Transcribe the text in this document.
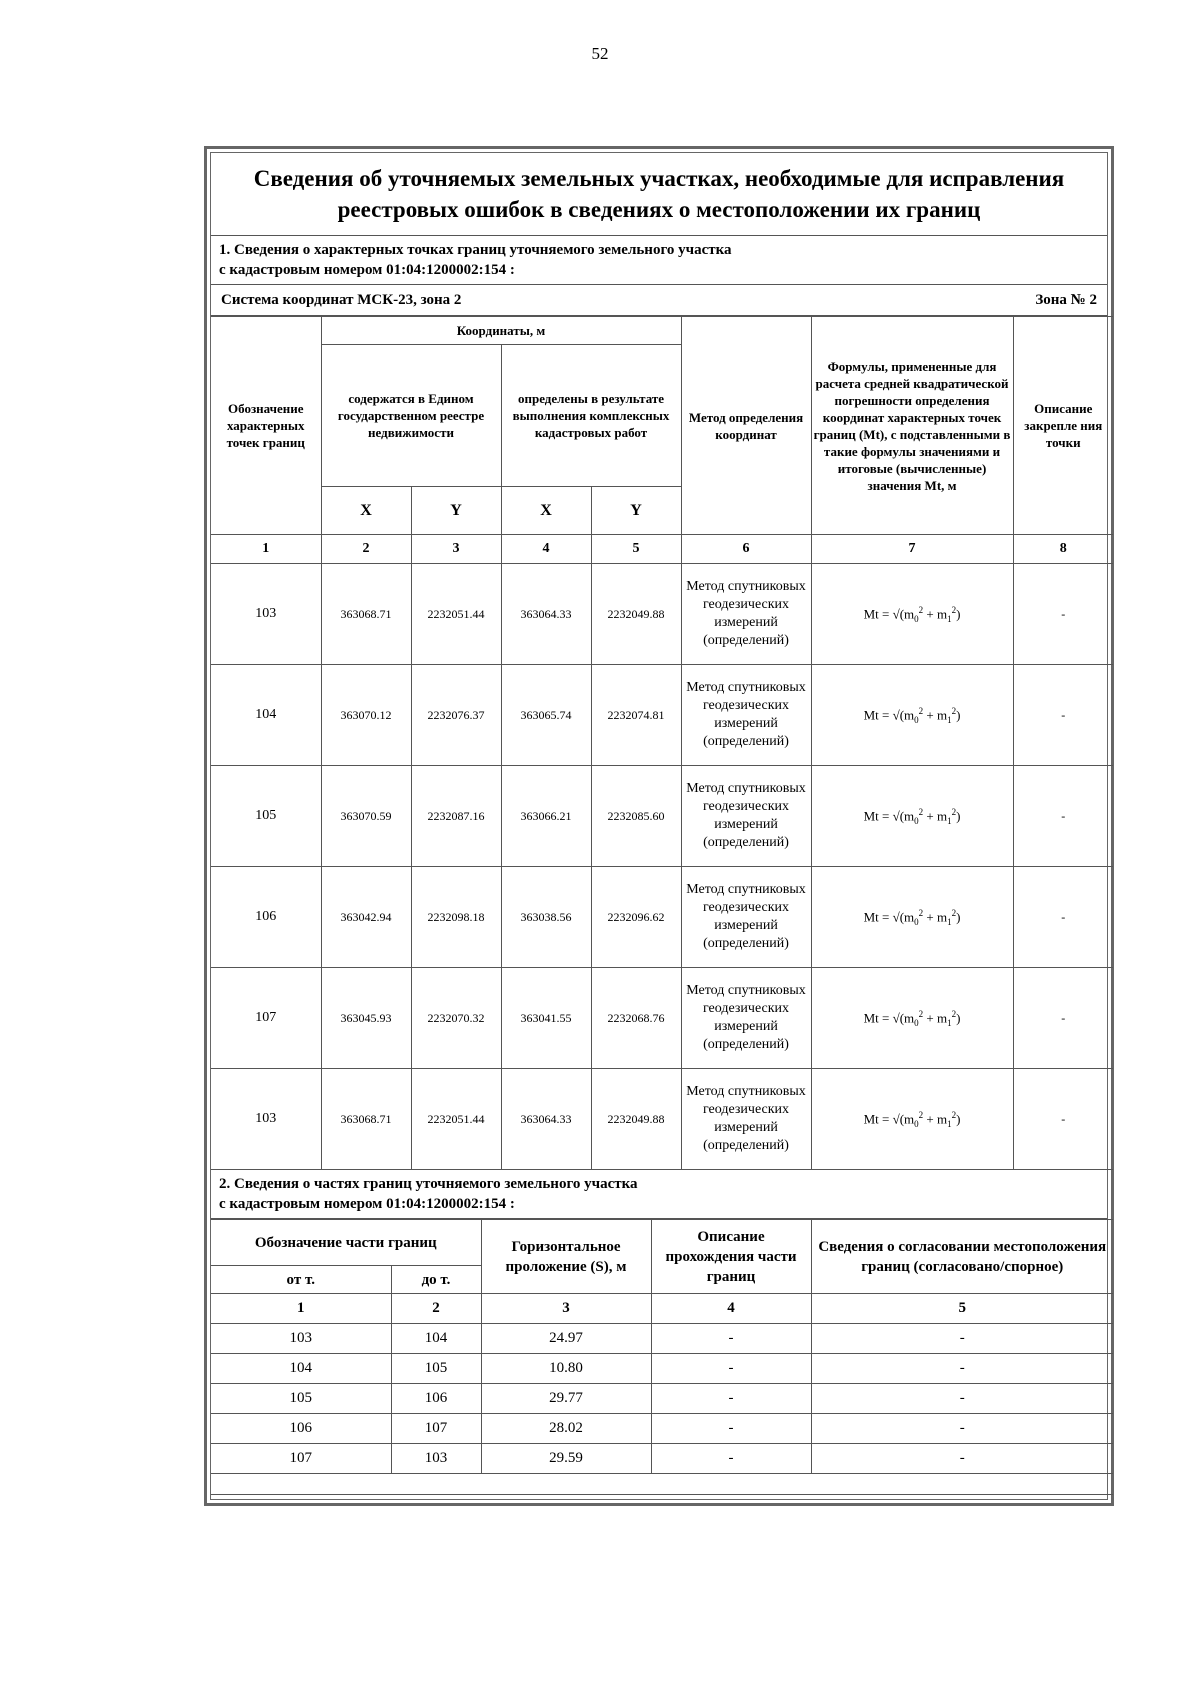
52
Сведения об уточняемых земельных участках, необходимые для исправления
реестровых ошибок в сведениях о местоположении их границ
1. Сведения о характерных точках границ уточняемого земельного участка
с кадастровым номером 01:04:1200002:154 :
Система координат МСК-23, зона 2	Зона № 2
Обозначение характерных точек границ	Координаты, м				Метод определения координат	Формулы, примененные для расчета средней квадратической погрешности определения координат характерных точек границ (Mt), с подставленными в такие формулы значениями и итоговые (вычисленные) значения Mt, м	Описание закрепле ния точки
	содержатся в Едином государственном реестре недвижимости		определены в результате выполнения комплексных кадастровых работ				
	X	Y	X	Y			
1	2	3	4	5	6	7	8
103	363068.71	2232051.44	363064.33	2232049.88	Метод спутниковых геодезических измерений (определений)	$Mt = √(m_0^2 + m_1^2)$	-
104	363070.12	2232076.37	363065.74	2232074.81	Метод спутниковых геодезических измерений (определений)	$Mt = √(m_0^2 + m_1^2)$	-
105	363070.59	2232087.16	363066.21	2232085.60	Метод спутниковых геодезических измерений (определений)	$Mt = √(m_0^2 + m_1^2)$	-
106	363042.94	2232098.18	363038.56	2232096.62	Метод спутниковых геодезических измерений (определений)	$Mt = √(m_0^2 + m_1^2)$	-
107	363045.93	2232070.32	363041.55	2232068.76	Метод спутниковых геодезических измерений (определений)	$Mt = √(m_0^2 + m_1^2)$	-
103	363068.71	2232051.44	363064.33	2232049.88	Метод спутниковых геодезических измерений (определений)	$Mt = √(m_0^2 + m_1^2)$	-
2. Сведения о частях границ уточняемого земельного участка
с кадастровым номером 01:04:1200002:154 :
Обозначение части границ		Горизонтальное проложение (S), м	Описание прохождения части границ	Сведения о согласовании местоположения границ (согласовано/спорное)
от т.	до т.			
1	2	3	4	5
103	104	24.97	-	-
104	105	10.80	-	-
105	106	29.77	-	-
106	107	28.02	-	-
107	103	29.59	-	-
